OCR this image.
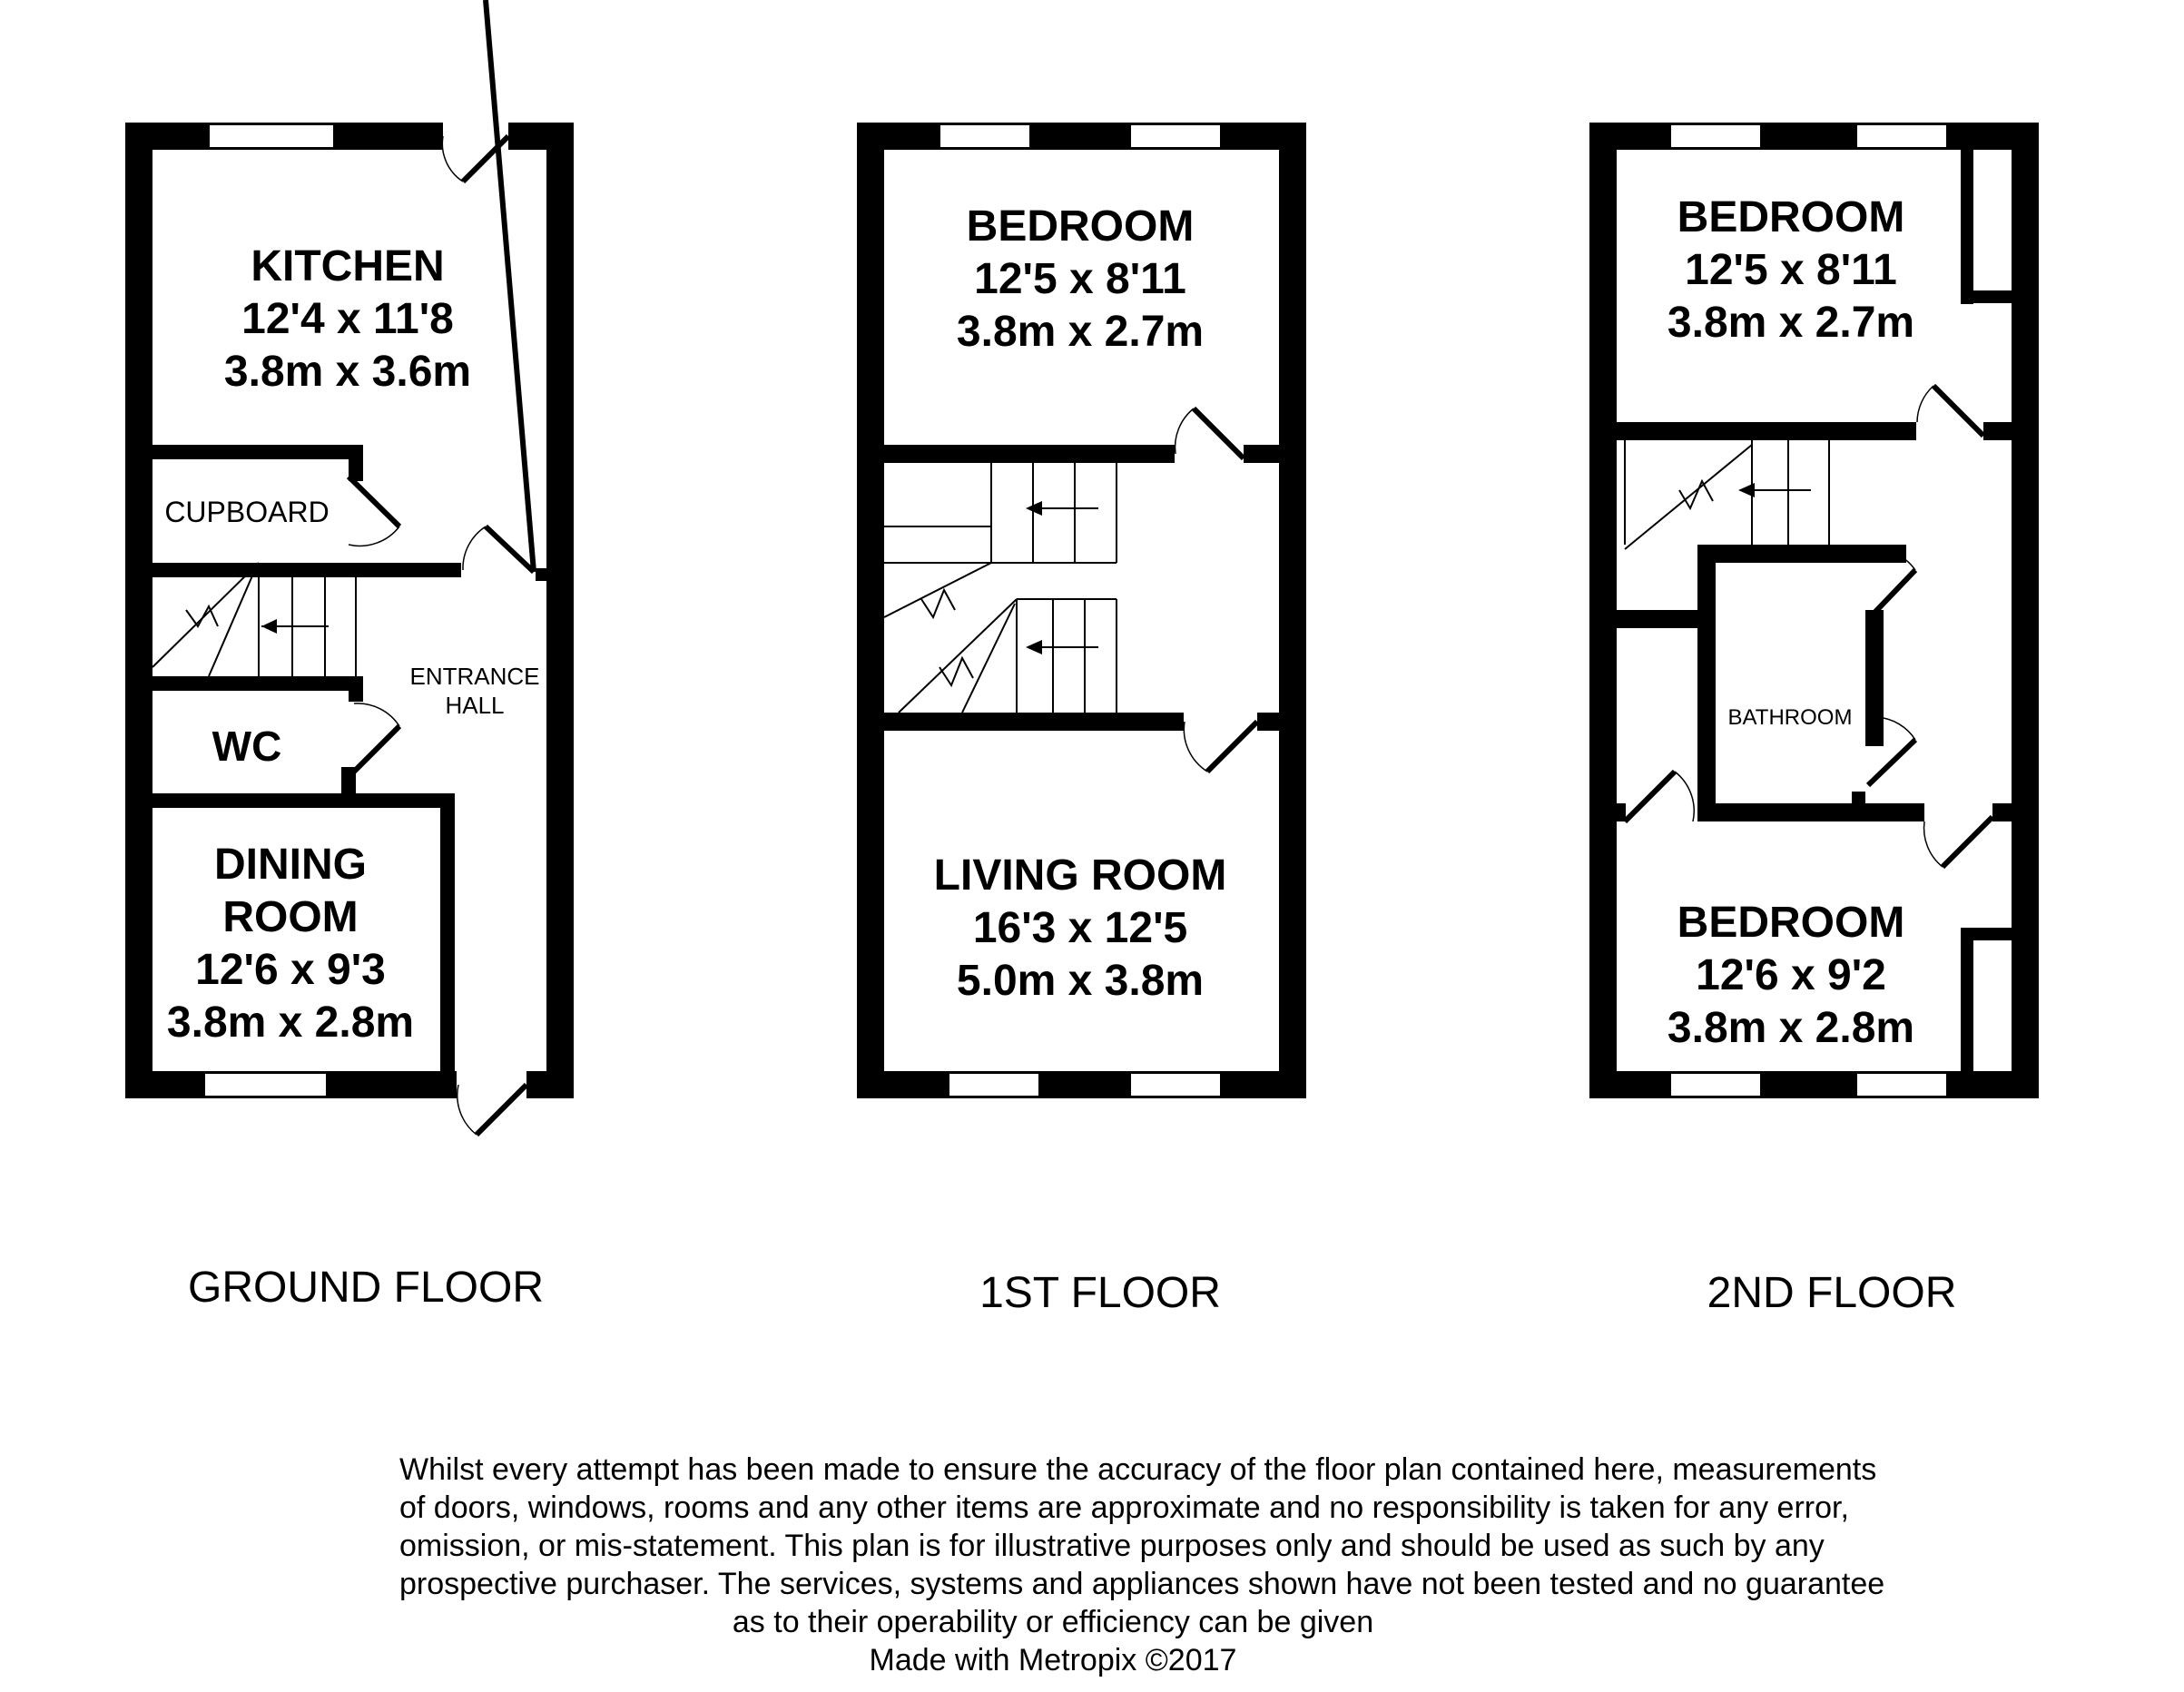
KITCHEN
12'4 x 11'8
3.8m x 3.6m
CUPBOARD
ENTRANCE
HALL
WC
DINING
ROOM
12'6 x 9'3
3.8m x 2.8m
BEDROOM
12'5 x 8'11
3.8m x 2.7m
LIVING ROOM
16'3 x 12'5
5.0m x 3.8m
BEDROOM
12'5 x 8'11
3.8m x 2.7m
BATHROOM
BEDROOM
12'6 x 9'2
3.8m x 2.8m
GROUND FLOOR	1ST FLOOR	2ND FLOOR
Whilst every attempt has been made to ensure the accuracy of the floor plan contained here, measurements
of doors, windows, rooms and any other items are approximate and no responsibility is taken for any error,
omission, or mis-statement. This plan is for illustrative purposes only and should be used as such by any
prospective purchaser. The services, systems and appliances shown have not been tested and no guarantee
as to their operability or efficiency can be given
Made with Metropix ©2017
